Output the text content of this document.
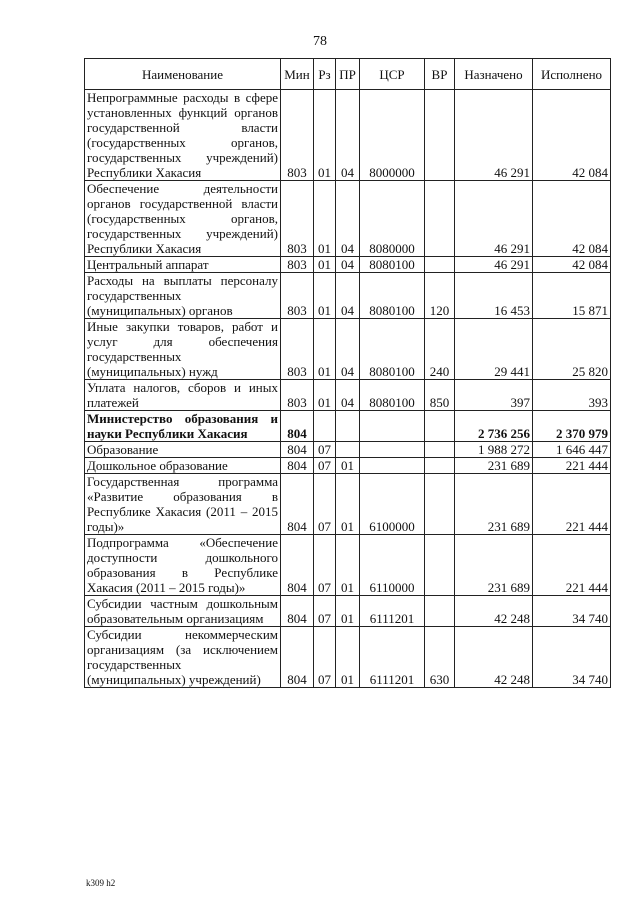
78
Наименование	Мин	Рз	ПР	ЦСР	ВР	Назначено	Исполнено
Непрограммные расходы в сфере установленных функций органов государственной власти (государственных органов, государственных учреждений) Республики Хакасия	803	01	04	8000000		46 291	42 084
Обеспечение деятельности органов государственной власти (государственных органов, государственных учреждений) Республики Хакасия	803	01	04	8080000		46 291	42 084
Центральный аппарат	803	01	04	8080100		46 291	42 084
Расходы на выплаты персоналу государственных (муниципальных) органов	803	01	04	8080100	120	16 453	15 871
Иные закупки товаров, работ и услуг для обеспечения государственных (муниципальных) нужд	803	01	04	8080100	240	29 441	25 820
Уплата налогов, сборов и иных платежей	803	01	04	8080100	850	397	393
Министерство образования и науки Республики Хакасия	804					2 736 256	2 370 979
Образование	804	07				1 988 272	1 646 447
Дошкольное образование	804	07	01			231 689	221 444
Государственная программа «Развитие образования в Республике Хакасия (2011 – 2015 годы)»	804	07	01	6100000		231 689	221 444
Подпрограмма «Обеспечение доступности дошкольного образования в Республике Хакасия (2011 – 2015 годы)»	804	07	01	6110000		231 689	221 444
Субсидии частным дошкольным образовательным организациям	804	07	01	6111201		42 248	34 740
Субсидии некоммерческим организациям (за исключением государственных (муниципальных) учреждений)	804	07	01	6111201	630	42 248	34 740
k309 h2
